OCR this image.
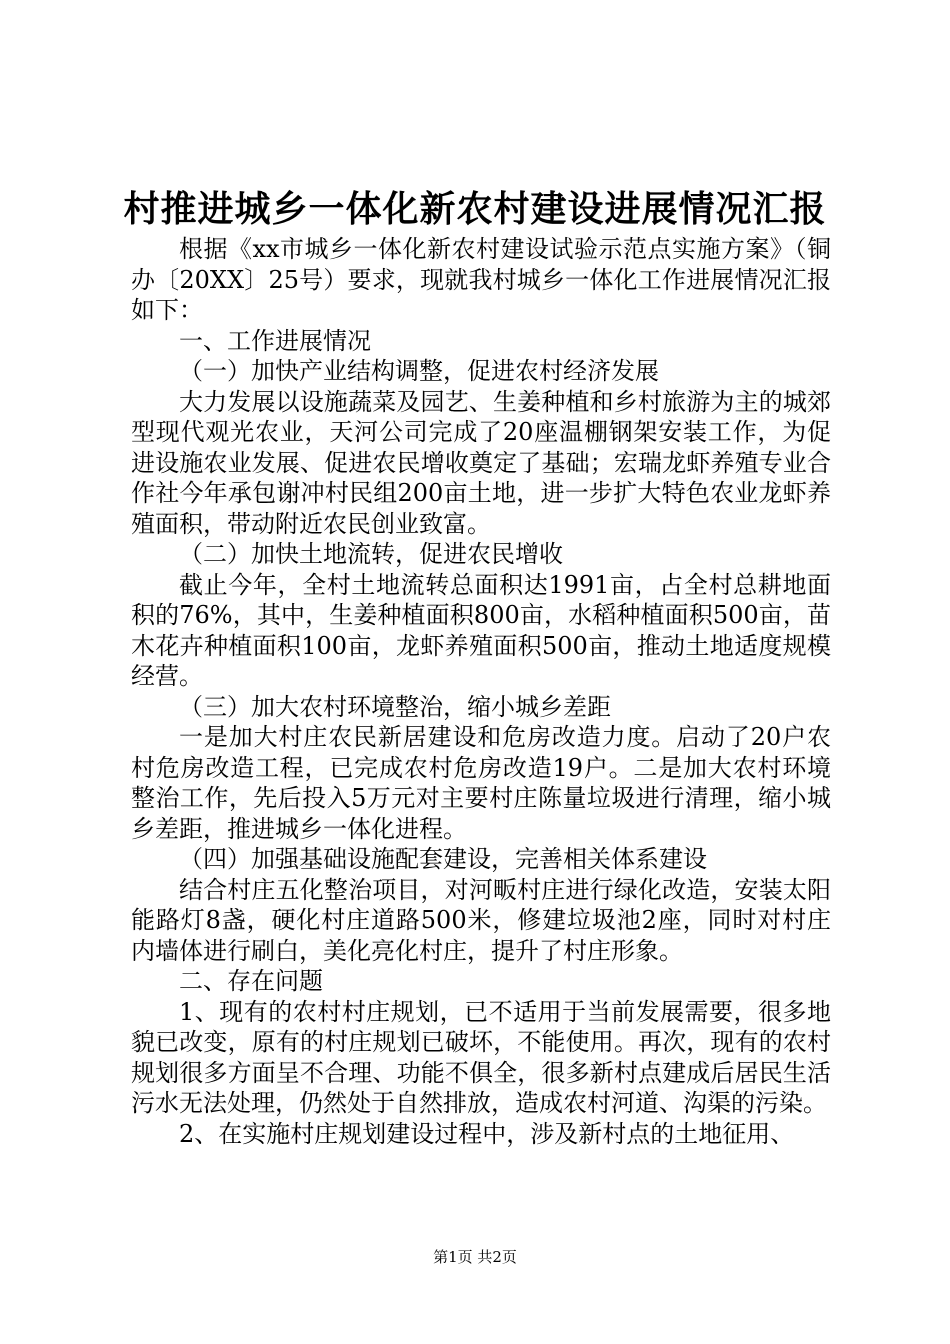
村推进城乡一体化新农村建设进展情况汇报

根据《xx市城乡一体化新农村建设试验示范点实施方案》（铜办〔20XX〕25号）要求，现就我村城乡一体化工作进展情况汇报如下：

一、工作进展情况

（一）加快产业结构调整，促进农村经济发展

大力发展以设施蔬菜及园艺、生姜种植和乡村旅游为主的城郊型现代观光农业，天河公司完成了20座温棚钢架安装工作，为促进设施农业发展、促进农民增收奠定了基础；宏瑞龙虾养殖专业合作社今年承包谢冲村民组200亩土地，进一步扩大特色农业龙虾养殖面积，带动附近农民创业致富。

（二）加快土地流转，促进农民增收

截止今年，全村土地流转总面积达1991亩，占全村总耕地面积的76%，其中，生姜种植面积800亩，水稻种植面积500亩，苗木花卉种植面积100亩，龙虾养殖面积500亩，推动土地适度规模经营。

（三）加大农村环境整治，缩小城乡差距

一是加大村庄农民新居建设和危房改造力度。启动了20户农村危房改造工程，已完成农村危房改造19户。二是加大农村环境整治工作，先后投入5万元对主要村庄陈量垃圾进行清理，缩小城乡差距，推进城乡一体化进程。

（四）加强基础设施配套建设，完善相关体系建设

结合村庄五化整治项目，对河畈村庄进行绿化改造，安装太阳能路灯8盏，硬化村庄道路500米，修建垃圾池2座，同时对村庄内墙体进行刷白，美化亮化村庄，提升了村庄形象。

二、存在问题

1、现有的农村村庄规划，已不适用于当前发展需要，很多地貌已改变，原有的村庄规划已破坏，不能使用。再次，现有的农村规划很多方面呈不合理、功能不俱全，很多新村点建成后居民生活污水无法处理，仍然处于自然排放，造成农村河道、沟渠的污染。

2、在实施村庄规划建设过程中，涉及新村点的土地征用、

第1页 共2页
